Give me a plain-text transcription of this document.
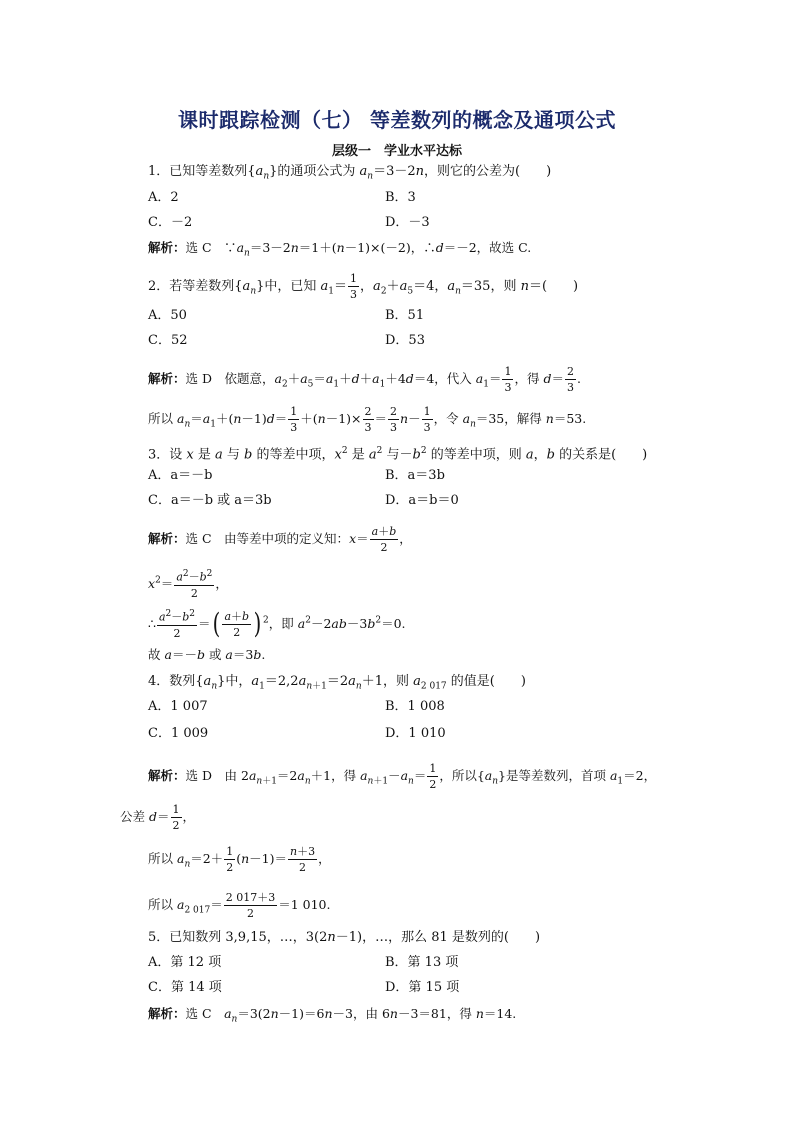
课时跟踪检测（七） 等差数列的概念及通项公式
层级一　学业水平达标
1．已知等差数列$\{a_n\}$的通项公式为 $a_n=3-2n$，则它的公差为(　　)
A．2	B．3
C．－2	D．－3
解析：选 C　$\because a_n=3-2n=1+(n-1)\times(-2)$，∴d＝－2，故选 C.
2．若等差数列$\{a_n\}$中，已知 $a_1= \frac{1}{3}$ ，$a_2+a_5=4$，$a_n=35$，则 n＝(　　)
A．50	B．51
C．52	D．53
解析：选 D　依题意，$a_2+a_5=a_1+d+a_1+4d=4$，代入 $a_1= \frac{1}{3}$ ，得 $d= \frac{2}{3}$ .
所以 $a_n=a_1+(n-1)d= \frac{1}{3} +(n-1)\times \frac{2}{3} = \frac{2}{3} n- \frac{1}{3}$ ，令 $a_n=35$，解得 n＝53.
3．设 x 是 a 与 b 的等差中项，$x^2$ 是 $a^2$ 与$-b^2$ 的等差中项，则 a，b 的关系是(　　)
A．a＝－b	B．a＝3b
C．a＝－b 或 a＝3b	D．a＝b＝0
解析：选 C　由等差中项的定义知：$x= \frac{a+b}{2}$ ，
$x^2= \frac{a^2-b^2}{2}$ ，
∴ $\frac{a^2-b^2}{2}$ ＝( $\frac{a+b}{2}$ ) $^2$，即 $a^2-2ab-3b^2=0$.
故 a＝－b 或 a＝3b.
4．数列$\{a_n\}$中，$a_1=2,2a_{n+1}=2a_n+1$，则 $a_{2 017}$ 的值是(　　)
A．1 007	B．1 008
C．1 009	D．1 010
解析：选 D　由 $2a_{n+1}=2a_n+1$，得 $a_{n+1}-a_n= \frac{1}{2}$ ，所以$\{a_n\}$是等差数列，首项 $a_1=2$，
公差 $d= \frac{1}{2}$ ，
所以 $a_n=2+ \frac{1}{2} (n-1)= \frac{n+3}{2}$ ，
所以 $a_{2 017}= \frac{2 017+3}{2} =1$ 010.
5．已知数列 3,9,15，…，3(2n－1)，…，那么 81 是数列的(　　)
A．第 12 项	B．第 13 项
C．第 14 项	D．第 15 项
解析：选 C　$a_n=3(2n-1)=6n-3$，由 6n－3＝81，得 n＝14.
